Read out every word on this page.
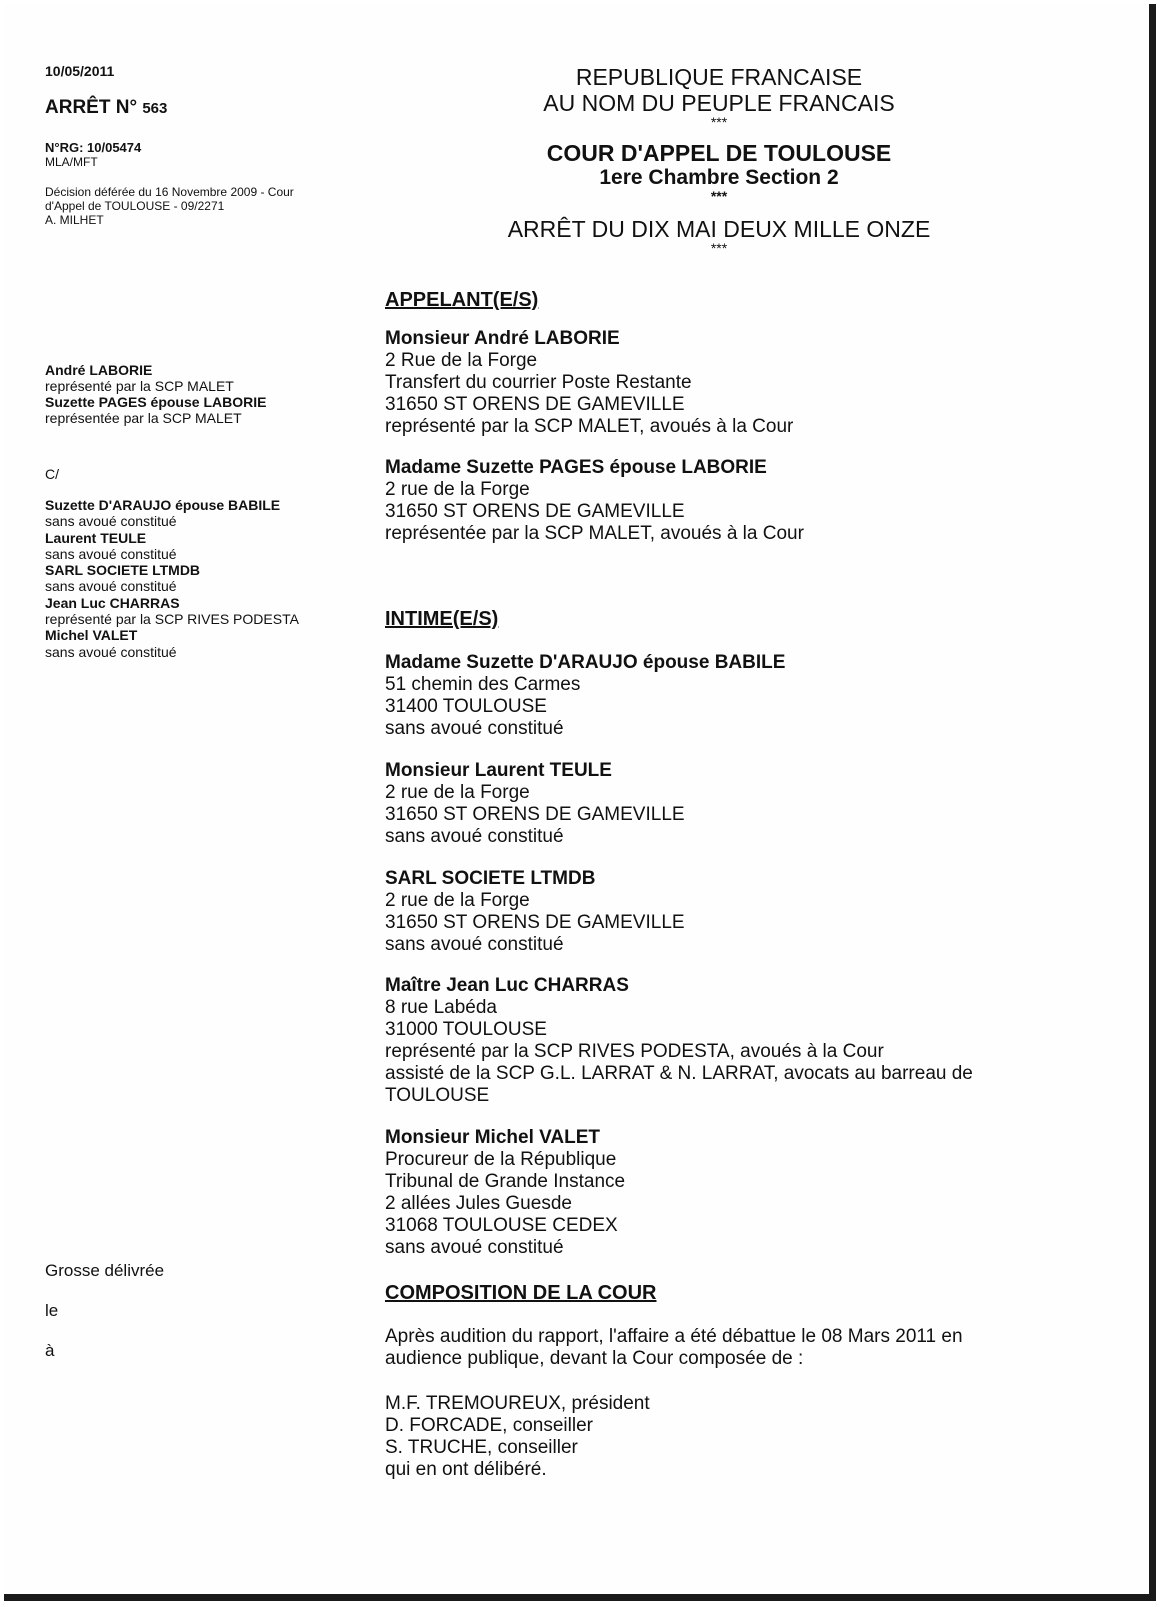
10/05/2011
ARRÊT N° 563
N°RG: 10/05474
MLA/MFT
Décision déférée du 16 Novembre 2009 - Cour
d'Appel de TOULOUSE - 09/2271
A. MILHET
André LABORIE
représenté par la SCP MALET
Suzette PAGES épouse LABORIE
représentée par la SCP MALET
C/
Suzette D'ARAUJO épouse BABILE
sans avoué constitué
Laurent TEULE
sans avoué constitué
SARL SOCIETE LTMDB
sans avoué constitué
Jean Luc CHARRAS
représenté par la SCP RIVES PODESTA
Michel VALET
sans avoué constitué
Grosse délivrée
le
à
REPUBLIQUE FRANCAISE
AU NOM DU PEUPLE FRANCAIS
***
COUR D'APPEL DE TOULOUSE
1ere Chambre Section 2
***
ARRÊT DU DIX MAI DEUX MILLE ONZE
***
APPELANT(E/S)
Monsieur André LABORIE
2 Rue de la Forge
Transfert du courrier Poste Restante
31650 ST ORENS DE GAMEVILLE
représenté par la SCP MALET, avoués à la Cour
Madame Suzette PAGES épouse LABORIE
2 rue de la Forge
31650 ST ORENS DE GAMEVILLE
représentée par la SCP MALET, avoués à la Cour
INTIME(E/S)
Madame Suzette D'ARAUJO épouse BABILE
51 chemin des Carmes
31400 TOULOUSE
sans avoué constitué
Monsieur Laurent TEULE
2 rue de la Forge
31650 ST ORENS DE GAMEVILLE
sans avoué constitué
SARL SOCIETE LTMDB
2 rue de la Forge
31650 ST ORENS DE GAMEVILLE
sans avoué constitué
Maître Jean Luc CHARRAS
8 rue Labéda
31000 TOULOUSE
représenté par la SCP RIVES PODESTA, avoués à la Cour
assisté de la SCP G.L. LARRAT & N. LARRAT, avocats au barreau de
TOULOUSE
Monsieur Michel VALET
Procureur de la République
Tribunal de Grande Instance
2 allées Jules Guesde
31068 TOULOUSE CEDEX
sans avoué constitué
COMPOSITION DE LA COUR
Après audition du rapport, l'affaire a été débattue le 08 Mars 2011 en
audience publique, devant la Cour composée de :
M.F. TREMOUREUX, président
D. FORCADE, conseiller
S. TRUCHE, conseiller
qui en ont délibéré.
